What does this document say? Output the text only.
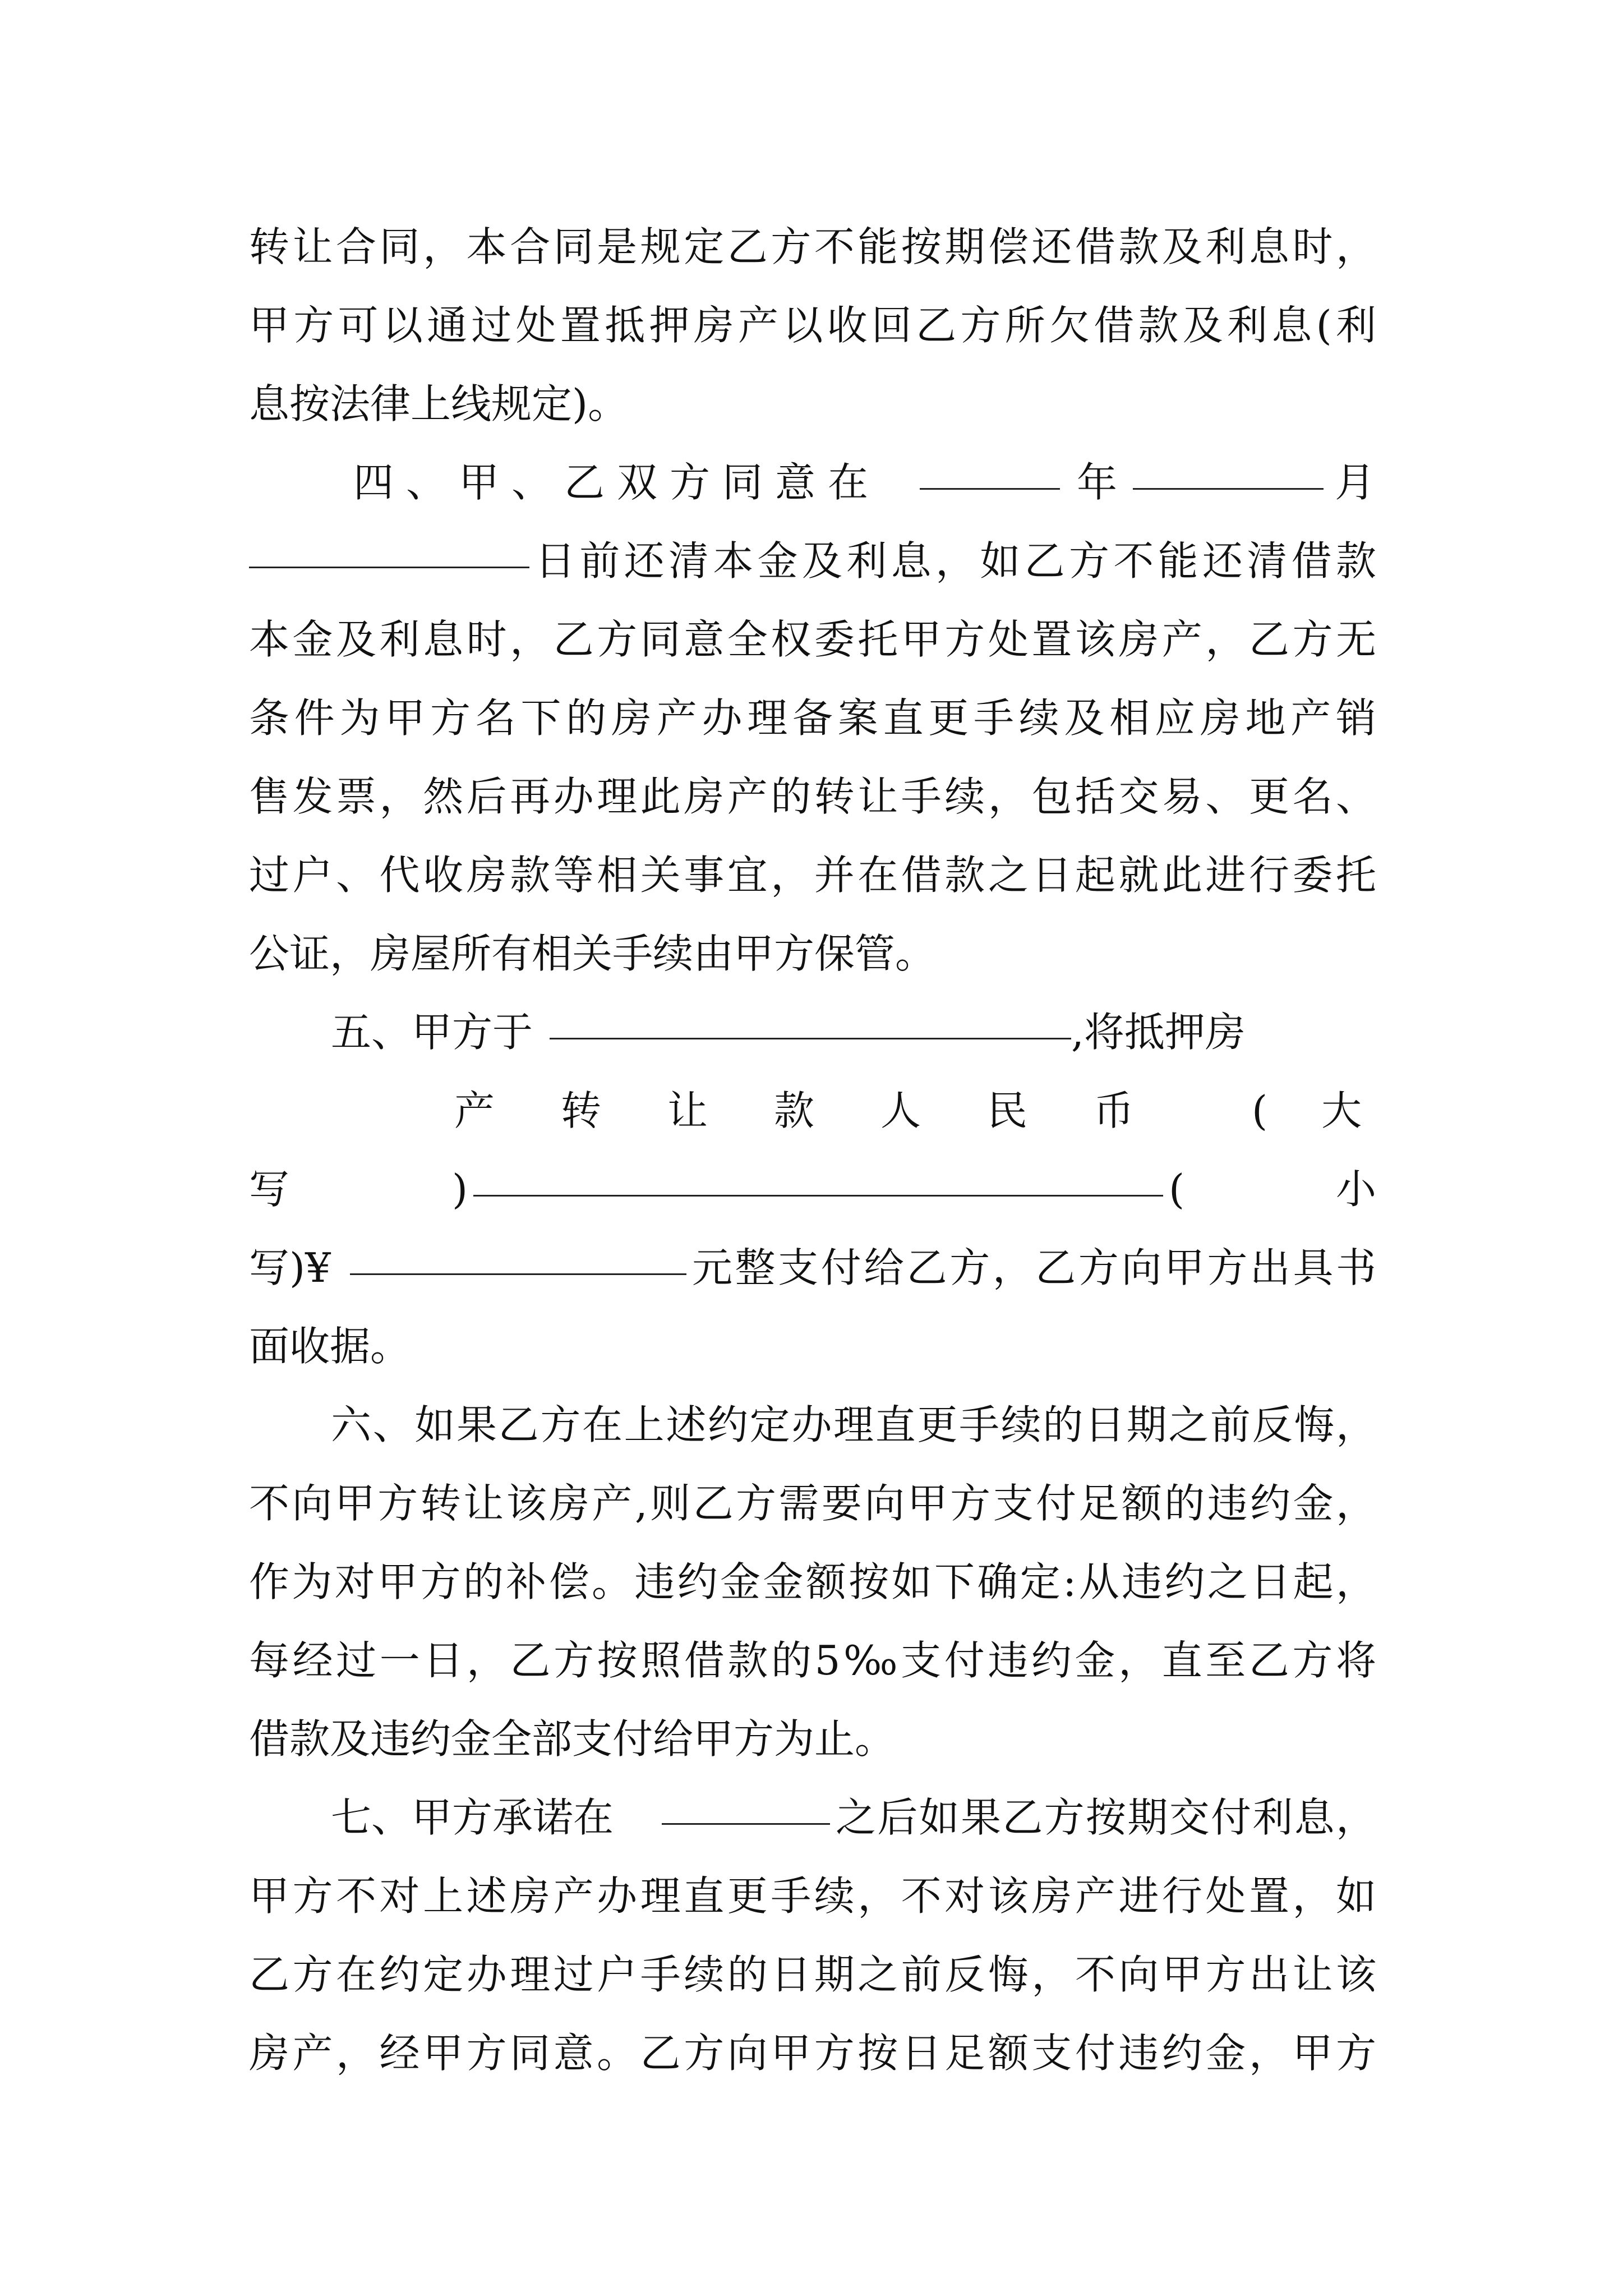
转让合同，本合同是规定乙方不能按期偿还借款及利息时，
甲方可以通过处置抵押房产以收回乙方所欠借款及利息(利
息按法律上线规定)。
四、甲、乙双方同意在	年	月
日前还清本金及利息，如乙方不能还清借款
本金及利息时，乙方同意全权委托甲方处置该房产，乙方无
条件为甲方名下的房产办理备案直更手续及相应房地产销
售发票，然后再办理此房产的转让手续，包括交易、更名、
过户、代收房款等相关事宜，并在借款之日起就此进行委托
公证，房屋所有相关手续由甲方保管。
五、甲方于	,将抵押房
产转让款人民币 (大
写	)	(	小
写)¥	元整支付给乙方，乙方向甲方出具书
面收据。
六、如果乙方在上述约定办理直更手续的日期之前反悔，
不向甲方转让该房产,则乙方需要向甲方支付足额的违约金，
作为对甲方的补偿。违约金金额按如下确定:从违约之日起，
每经过一日，乙方按照借款的5‰支付违约金，直至乙方将
借款及违约金全部支付给甲方为止。
七、甲方承诺在	之后如果乙方按期交付利息，
甲方不对上述房产办理直更手续，不对该房产进行处置，如
乙方在约定办理过户手续的日期之前反悔，不向甲方出让该
房产，经甲方同意。乙方向甲方按日足额支付违约金，甲方
